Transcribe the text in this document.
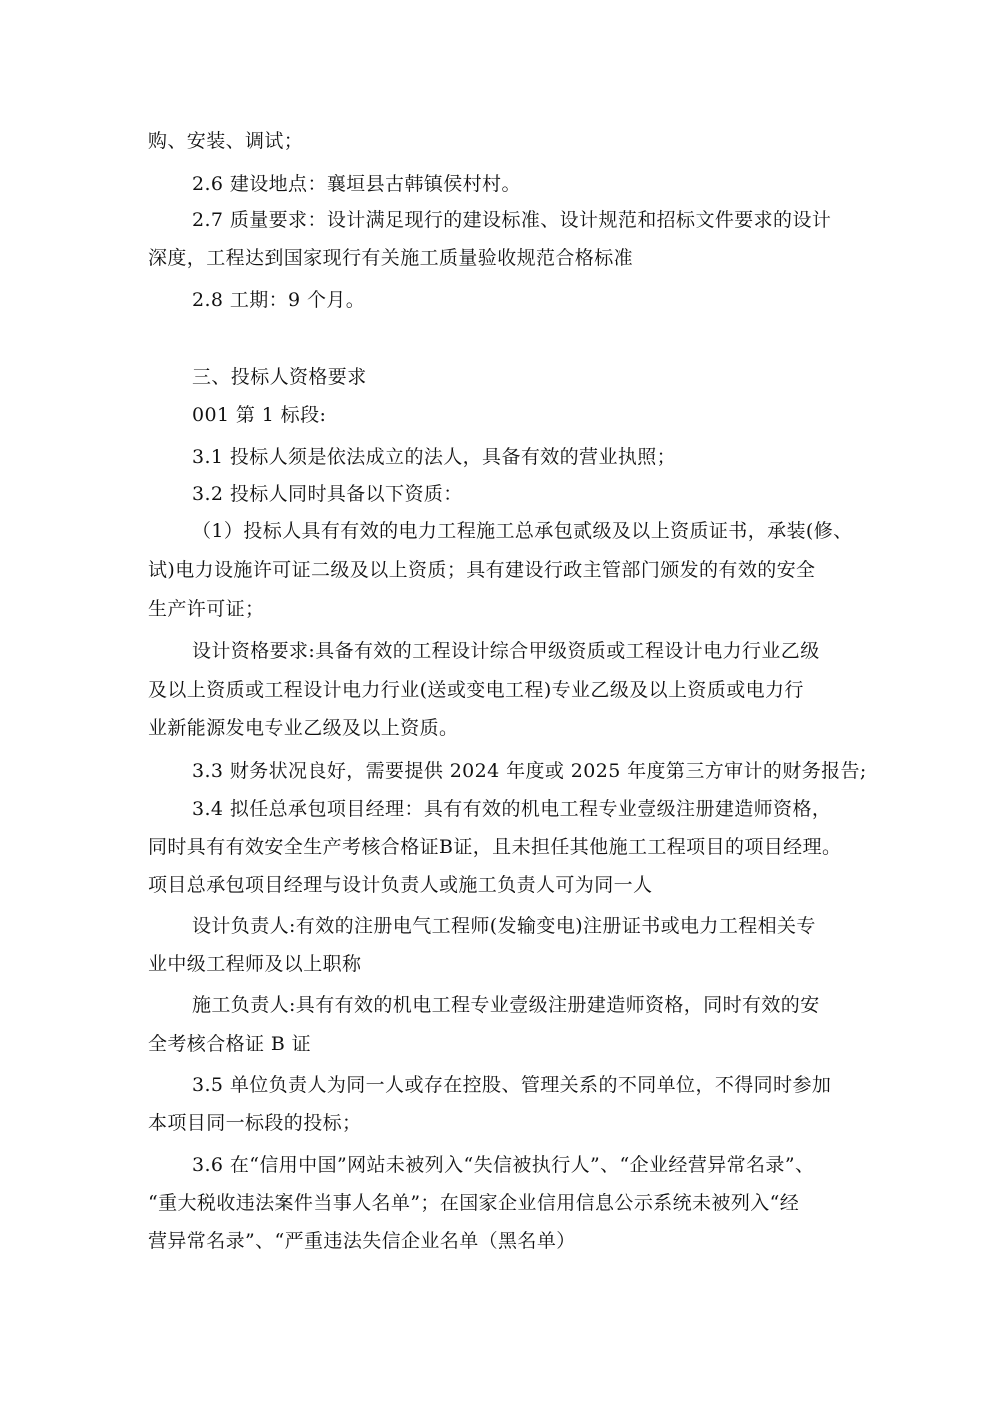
购、安装、调试；
2.6 建设地点：襄垣县古韩镇侯村村。
2.7 质量要求：设计满足现行的建设标准、设计规范和招标文件要求的设计
深度，工程达到国家现行有关施工质量验收规范合格标准
2.8 工期：9 个月。
三、投标人资格要求
001 第 1 标段:
3.1 投标人须是依法成立的法人，具备有效的营业执照；
3.2 投标人同时具备以下资质：
（1）投标人具有有效的电力工程施工总承包贰级及以上资质证书，承装(修、
试)电力设施许可证二级及以上资质；具有建设行政主管部门颁发的有效的安全
生产许可证；
设计资格要求:具备有效的工程设计综合甲级资质或工程设计电力行业乙级
及以上资质或工程设计电力行业(送或变电工程)专业乙级及以上资质或电力行
业新能源发电专业乙级及以上资质。
3.3 财务状况良好，需要提供 2024 年度或 2025 年度第三方审计的财务报告;
3.4 拟任总承包项目经理：具有有效的机电工程专业壹级注册建造师资格，
同时具有有效安全生产考核合格证B证，且未担任其他施工工程项目的项目经理。
项目总承包项目经理与设计负责人或施工负责人可为同一人
设计负责人:有效的注册电气工程师(发输变电)注册证书或电力工程相关专
业中级工程师及以上职称
施工负责人:具有有效的机电工程专业壹级注册建造师资格，同时有效的安
全考核合格证 B 证
3.5 单位负责人为同一人或存在控股、管理关系的不同单位，不得同时参加
本项目同一标段的投标；
3.6 在“信用中国”网站未被列入“失信被执行人”、“企业经营异常名录”、
“重大税收违法案件当事人名单”；在国家企业信用信息公示系统未被列入“经
营异常名录”、“严重违法失信企业名单（黑名单）
